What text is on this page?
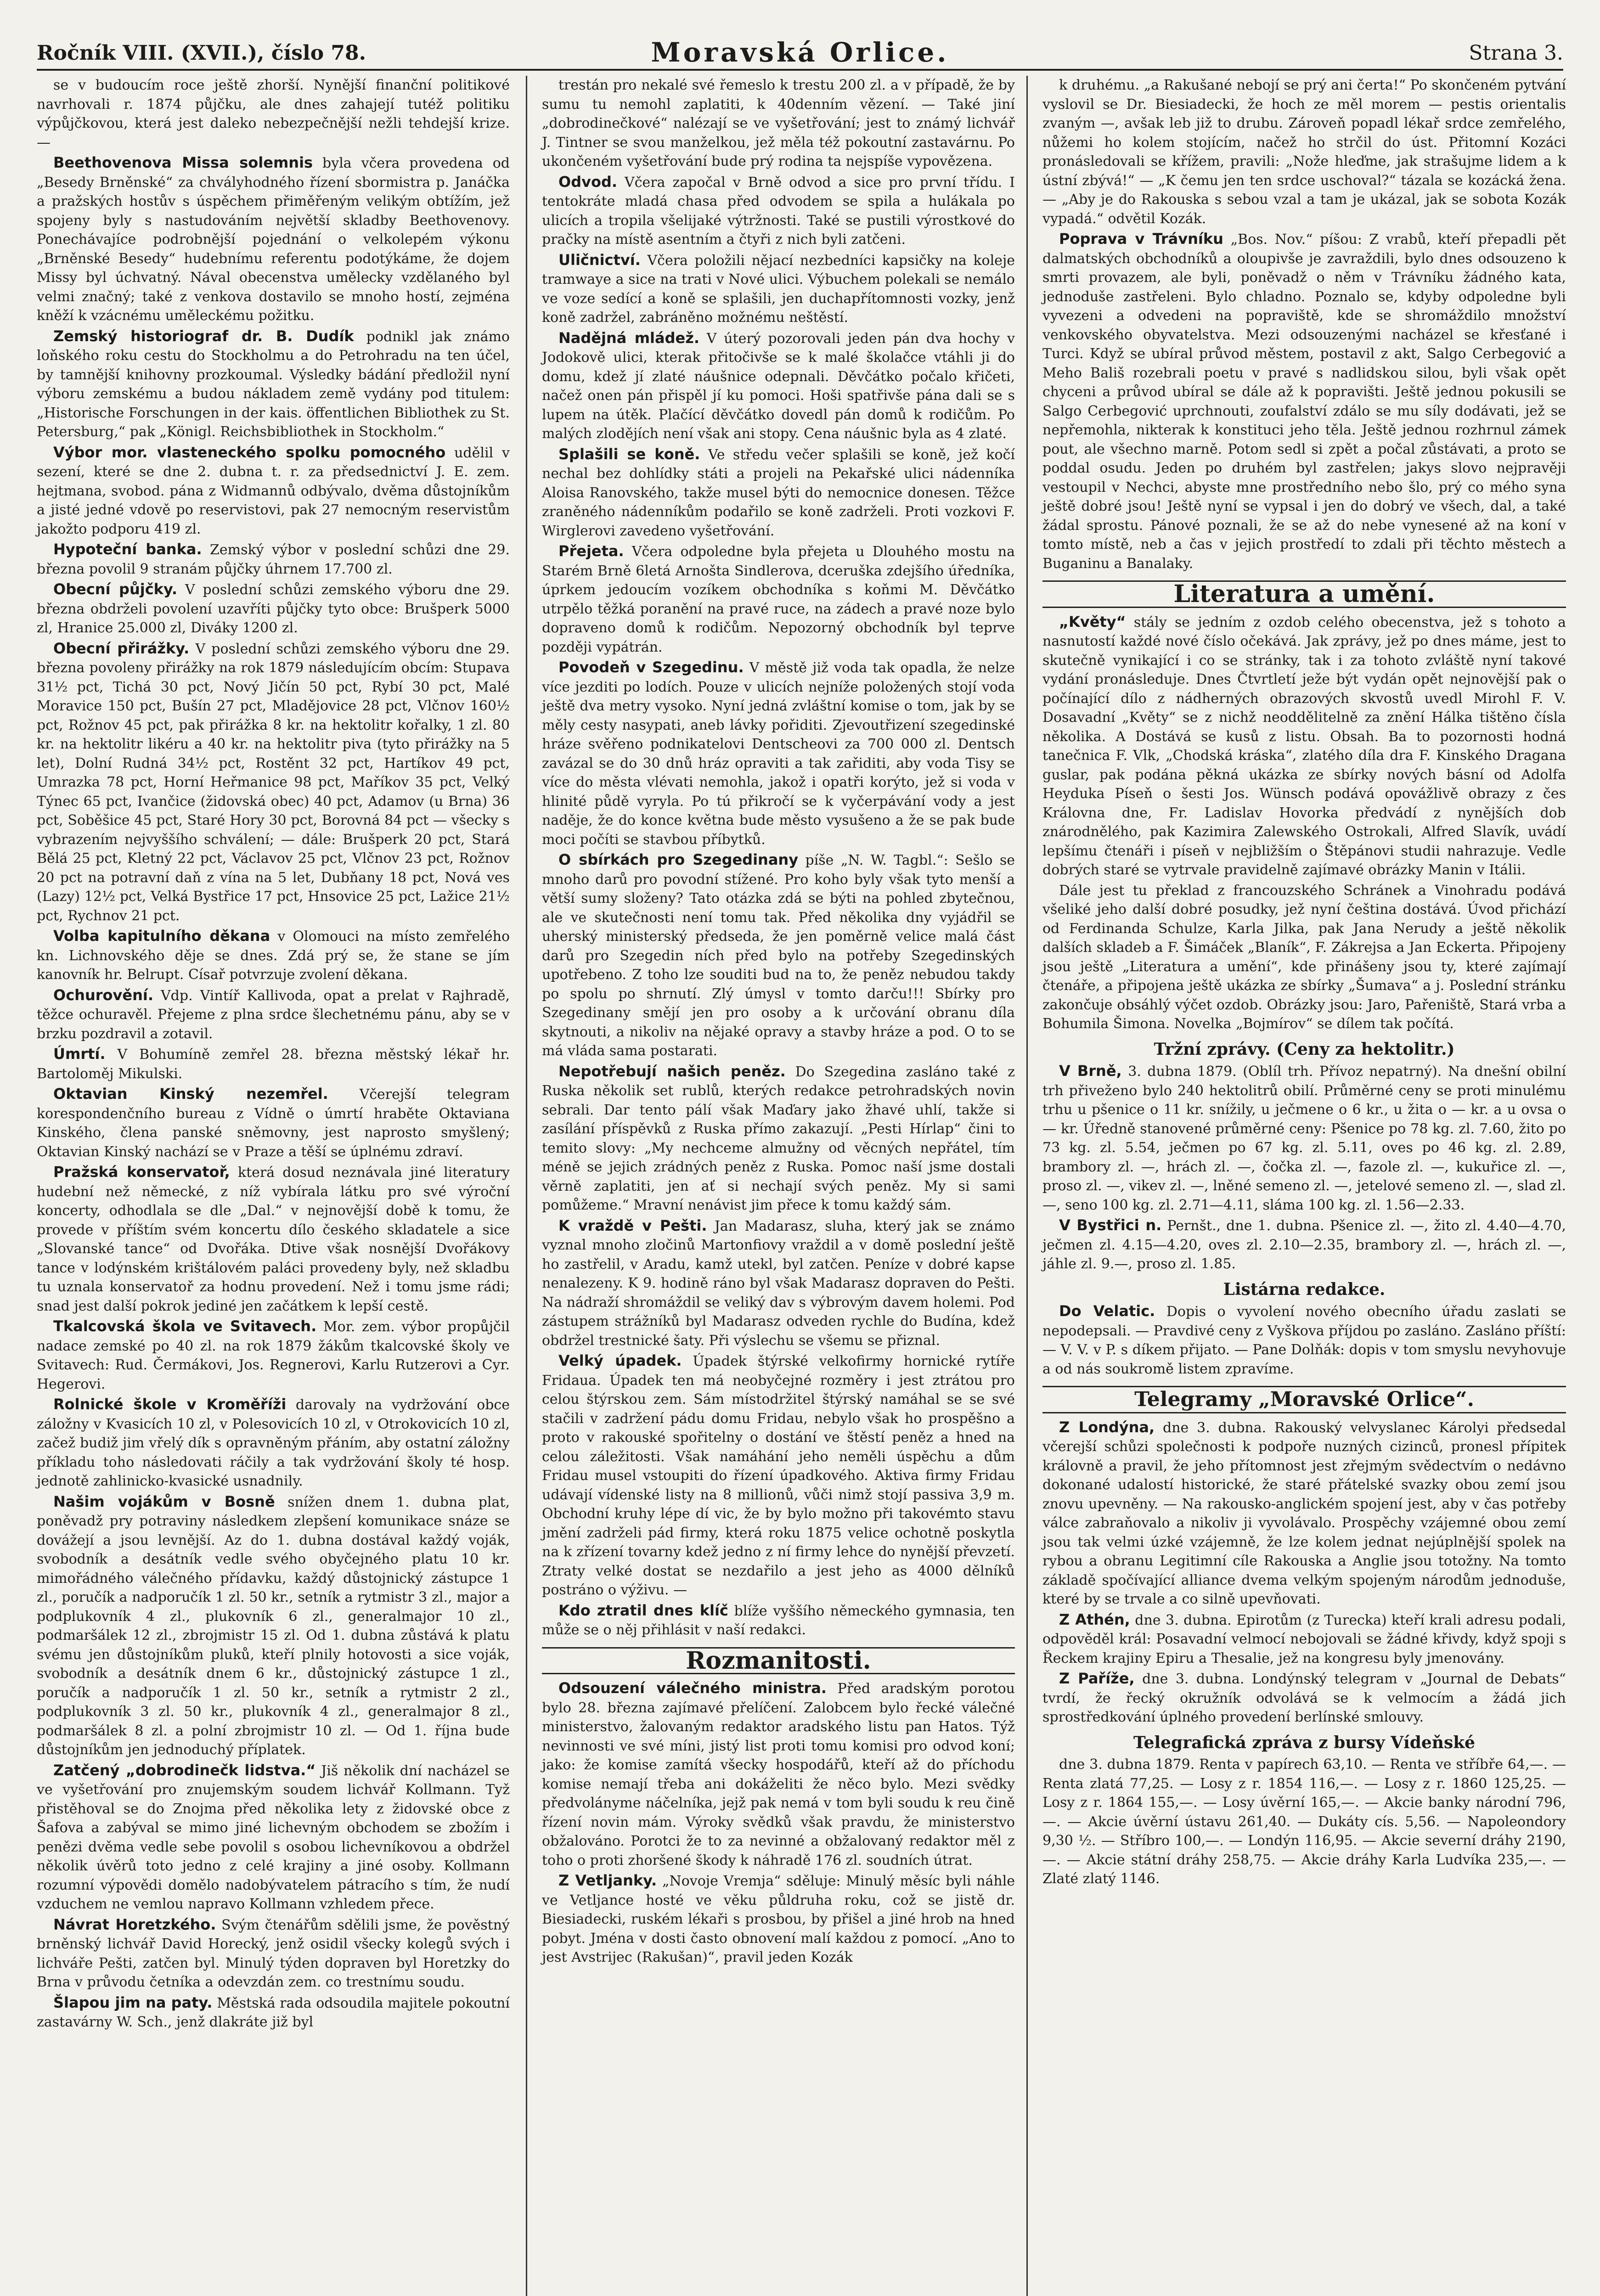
Ročník VIII. (XVII.), číslo 78.	Moravská Orlice.	Strana 3.

se v budoucím roce ještě zhorší. Nynější finanční politikové navrhovali r. 1874 půjčku, ale dnes zahajejí tutéž politiku výpůjčkovou, která jest daleko nebezpečnější nežli tehdejší krize. —

Beethovenova Missa solemnis byla včera provedena od „Besedy Brněnské“ za chvályhodného řízení sbormistra p. Janáčka a pražských hostův s úspěchem přiměřeným velikým obtížím, jež spojeny byly s nastudováním největší skladby Beethovenovy. Ponechávajíce podrobnější pojednání o velkolepém výkonu „Brněnské Besedy“ hudebnímu referentu podotýkáme, že dojem Missy byl úchvatný. Nával obecenstva umělecky vzdělaného byl velmi značný; také z venkova dostavilo se mnoho hostí, zejména kněží k vzácnému uměleckému požitku.

Zemský historiograf dr. B. Dudík podnikl jak známo loňského roku cestu do Stockholmu a do Petrohradu na ten účel, by tamnější knihovny prozkoumal. Výsledky bádání předložil nyní výboru zemskému a budou nákladem země vydány pod titulem: „Historische Forschungen in der kais. öffentlichen Bibliothek zu St. Petersburg,“ pak „Königl. Reichsbibliothek in Stockholm.“

Výbor mor. vlasteneckého spolku pomocného udělil v sezení, které se dne 2. dubna t. r. za předsednictví J. E. zem. hejtmana, svobod. pána z Widmannů odbývalo, dvěma důstojníkům a jisté jedné vdově po reservistovi, pak 27 nemocným reservistům jakožto podporu 419 zl.

Hypoteční banka. Zemský výbor v poslední schůzi dne 29. března povolil 9 stranám půjčky úhrnem 17.700 zl.

Obecní půjčky. V poslední schůzi zemského výboru dne 29. března obdrželi povolení uzavříti půjčky tyto obce: Brušperk 5000 zl, Hranice 25.000 zl, Diváky 1200 zl.

Obecní přirážky. V poslední schůzi zemského výboru dne 29. března povoleny přirážky na rok 1879 následujícím obcím: Stupava 31½ pct, Tichá 30 pct, Nový Jičín 50 pct, Rybí 30 pct, Malé Moravice 150 pct, Bušín 27 pct, Mladějovice 28 pct, Vlčnov 160½ pct, Rožnov 45 pct, pak přirážka 8 kr. na hektolitr kořalky, 1 zl. 80 kr. na hektolitr likéru a 40 kr. na hektolitr piva (tyto přirážky na 5 let), Dolní Rudná 34½ pct, Rostěnt 32 pct, Hartíkov 49 pct, Umrazka 78 pct, Horní Heřmanice 98 pct, Maříkov 35 pct, Velký Týnec 65 pct, Ivančice (židovská obec) 40 pct, Adamov (u Brna) 36 pct, Soběšice 45 pct, Staré Hory 30 pct, Borovná 84 pct — všecky s vybrazením nejvyššího schválení; — dále: Brušperk 20 pct, Stará Bělá 25 pct, Kletný 22 pct, Václavov 25 pct, Vlčnov 23 pct, Rožnov 20 pct na potravní daň z vína na 5 let, Dubňany 18 pct, Nová ves (Lazy) 12½ pct, Velká Bystřice 17 pct, Hnsovice 25 pct, Lažice 21½ pct, Rychnov 21 pct.

Volba kapitulního děkana v Olomouci na místo zemřelého kn. Lichnovského děje se dnes. Zdá prý se, že stane se jím kanovník hr. Belrupt. Císař potvrzuje zvolení děkana.

Ochurovění. Vdp. Vintíř Kallivoda, opat a prelat v Rajhradě, těžce ochuravěl. Přejeme z plna srdce šlechetnému pánu, aby se v brzku pozdravil a zotavil.

Úmrtí. V Bohumíně zemřel 28. března městský lékař hr. Bartoloměj Mikulski.

Oktavian Kinský nezemřel. Včerejší telegram korespondenčního bureau z Vídně o úmrtí hraběte Oktaviana Kinského, člena panské sněmovny, jest naprosto smyšlený; Oktavian Kinský nachází se v Praze a těší se úplnému zdraví.

Pražská konservatoř, která dosud neznávala jiné literatury hudební než německé, z níž vybírala látku pro své výroční koncerty, odhodlala se dle „Dal.“ v nejnovější době k tomu, že provede v příštím svém koncertu dílo českého skladatele a sice „Slovanské tance“ od Dvořáka. Dtive však nosnější Dvořákovy tance v lodýnském krištálovém paláci provedeny byly, než skladbu tu uznala konservatoř za hodnu provedení. Než i tomu jsme rádi; snad jest další pokrok jediné jen začátkem k lepší cestě.

Tkalcovská škola ve Svitavech. Mor. zem. výbor propůjčil nadace zemské po 40 zl. na rok 1879 žákům tkalcovské školy ve Svitavech: Rud. Čermákovi, Jos. Regnerovi, Karlu Rutzerovi a Cyr. Hegerovi.

Rolnické škole v Kroměříži darovaly na vydržování obce záložny v Kvasicích 10 zl, v Polesovicích 10 zl, v Otrokovicích 10 zl, začež budiž jim vřelý dík s opravněným přáním, aby ostatní záložny příkladu toho následovati ráčily a tak vydržování školy té hosp. jednotě zahlinicko-kvasické usnadnily.

Našim vojákům v Bosně snížen dnem 1. dubna plat, poněvadž pry potraviny následkem zlepšení komunikace snáze se dovážejí a jsou levnější. Az do 1. dubna dostával každý voják, svobodník a desátník vedle svého obyčejného platu 10 kr. mimořádného válečného přídavku, každý důstojnický zástupce 1 zl., poručík a nadporučík 1 zl. 50 kr., setník a rytmistr 3 zl., major a podplukovník 4 zl., plukovník 6 zl., generalmajor 10 zl., podmaršálek 12 zl., zbrojmistr 15 zl. Od 1. dubna zůstává k platu svému jen důstojníkům pluků, kteří plnily hotovosti a sice voják, svobodník a desátník dnem 6 kr., důstojnický zástupce 1 zl., poručík a nadporučík 1 zl. 50 kr., setník a rytmistr 2 zl., podplukovník 3 zl. 50 kr., plukovník 4 zl., generalmajor 8 zl., podmaršálek 8 zl. a polní zbrojmistr 10 zl. — Od 1. října bude důstojníkům jen jednoduchý příplatek.

Zatčený „dobrodinečk lidstva.“ Jiš několik dní nacházel se ve vyšetřování pro znujemským soudem lichvář Kollmann. Tyž přistěhoval se do Znojma před několika lety z židovské obce z Šafova a zabýval se mimo jiné lichevným obchodem se zbožím i penězi dvěma vedle sebe povolil s osobou lichevníkovou a obdržel několik úvěrů toto jedno z celé krajiny a jiné osoby. Kollmann rozumní výpovědi domělo nadobývatelem pátracího s tím, že nudí vzduchem ne vemlou napravo Kollmann vzhledem přece.

Návrat Horetzkého. Svým čtenářům sdělili jsme, že pověstný brněnský lichvář David Horecký, jenž osidil všecky kolegů svých i lichváře Pešti, zatčen byl. Minulý týden dopraven byl Horetzky do Brna v průvodu četníka a odevzdán zem. co trestnímu soudu.

Šlapou jim na paty. Městská rada odsoudila majitele pokoutní zastavárny W. Sch., jenž dlakráte již byl

trestán pro nekalé své řemeslo k trestu 200 zl. a v případě, že by sumu tu nemohl zaplatiti, k 40denním vězení. — Také jiní „dobrodinečkové“ nalézají se ve vyšetřování; jest to známý lichvář J. Tintner se svou manželkou, jež měla též pokoutní zastavárnu. Po ukončeném vyšetřování bude prý rodina ta nejspíše vypovězena.

Odvod. Včera započal v Brně odvod a sice pro první třídu. I tentokráte mladá chasa před odvodem se spila a hulákala po ulicích a tropila všelijaké výtržnosti. Také se pustili výrostkové do pračky na místě asentním a čtyři z nich byli zatčeni.

Uličnictví. Včera položili nějací nezbedníci kapsičky na koleje tramwaye a sice na trati v Nové ulici. Výbuchem polekali se nemálo ve voze sedící a koně se splašili, jen duchapřítomnosti vozky, jenž koně zadržel, zabráněno možnému neštěstí.

Nadějná mládež. V úterý pozorovali jeden pán dva hochy v Jodokově ulici, kterak přitočivše se k malé školačce vtáhli ji do domu, kdež jí zlaté náušnice odepnali. Děvčátko počalo křičeti, načež onen pán přispěl jí ku pomoci. Hoši spatřivše pána dali se s lupem na útěk. Plačící děvčátko dovedl pán domů k rodičům. Po malých zlodějích není však ani stopy. Cena náušnic byla as 4 zlaté.

Splašili se koně. Ve středu večer splašili se koně, jež kočí nechal bez dohlídky státi a projeli na Pekařské ulici nádenníka Aloisa Ranovského, takže musel býti do nemocnice donesen. Těžce zraněného nádenníkům podařilo se koně zadrželi. Proti vozkovi F. Wirglerovi zavedeno vyšetřování.

Přejeta. Včera odpoledne byla přejeta u Dlouhého mostu na Starém Brně 6letá Arnošta Sindlerova, dceruška zdejšího úředníka, úprkem jedoucím vozíkem obchodníka s koňmi M. Děvčátko utrpělo těžká poranění na pravé ruce, na zádech a pravé noze bylo dopraveno domů k rodičům. Nepozorný obchodník byl teprve později vypátrán.

Povodeň v Szegedinu. V městě již voda tak opadla, že nelze více jezditi po lodích. Pouze v ulicích nejníže položených stojí voda ještě dva metry vysoko. Nyní jedná zvláštní komise o tom, jak by se měly cesty nasypati, aneb lávky pořiditi. Zjevoutřizení szegedinské hráze svěřeno podnikatelovi Dentscheovi za 700 000 zl. Dentsch zavázal se do 30 dnů hráz opraviti a tak zařiditi, aby voda Tisy se více do města vlévati nemohla, jakož i opatři korýto, jež si voda v hlinité půdě vyryla. Po tú přikročí se k vyčerpávání vody a jest naděje, že do konce května bude město vysušeno a že se pak bude moci počíti se stavbou příbytků.

O sbírkách pro Szegedinany píše „N. W. Tagbl.“: Sešlo se mnoho darů pro povodní stížené. Pro koho byly však tyto menší a větší sumy složeny? Tato otázka zdá se býti na pohled zbytečnou, ale ve skutečnosti není tomu tak. Před několika dny vyjádřil se uherský ministerský předseda, že jen poměrně velice malá část darů pro Szegedin ních před bylo na potřeby Szegedinských upotřebeno. Z toho lze souditi bud na to, že peněz nebudou takdy po spolu po shrnutí. Zlý úmysl v tomto darču!!! Sbírky pro Szegedinany smějí jen pro osoby a k určování obranu díla skytnouti, a nikoliv na nějaké opravy a stavby hráze a pod. O to se má vláda sama postarati.

Nepotřebují našich peněz. Do Szegedina zasláno také z Ruska několik set rublů, kterých redakce petrohradských novin sebrali. Dar tento pálí však Maďary jako žhavé uhlí, takže si zasílání příspěvků z Ruska přímo zakazují. „Pesti Hírlap“ čini to temito slovy: „My nechceme almužny od věcných nepřátel, tím méně se jejich zrádných peněz z Ruska. Pomoc naší jsme dostali věrně zaplatiti, jen ať si nechají svých peněz. My si sami pomůžeme.“ Mravní nenávist jim přece k tomu každý sám.

K vraždě v Pešti. Jan Madarasz, sluha, který jak se známo vyznal mnoho zločinů Martonfiovy vraždil a v domě poslední ještě ho zastřelil, v Aradu, kamž utekl, byl zatčen. Peníze v dobré kapse nenalezeny. K 9. hodině ráno byl však Madarasz dopraven do Pešti. Na nádraží shromáždil se veliký dav s výbrovým davem holemi. Pod zástupem strážníků byl Madarasz odveden rychle do Budína, kdež obdržel trestnické šaty. Při výslechu se všemu se přiznal.

Velký úpadek. Úpadek štýrské velkofirmy hornické rytíře Fridaua. Úpadek ten má neobyčejné rozměry i jest ztrátou pro celou štýrskou zem. Sám místodržitel štýrský namáhal se se své stačili v zadržení pádu domu Fridau, nebylo však ho prospěšno a proto v rakouské spořitelny o dostání ve štěstí peněz a hned na celou záležitosti. Však namáhání jeho neměli úspěchu a dům Fridau musel vstoupiti do řízení úpadkového. Aktiva firmy Fridau udávají vídenské listy na 8 millionů, vůči nimž stojí passiva 3,9 m. Obchodní kruhy lépe dí vic, že by bylo možno při takovémto stavu jmění zadrželi pád firmy, která roku 1875 velice ochotně poskytla na k zřízení tovarny kdež jedno z ní firmy lehce do nynější převzetí. Ztraty velké dostat se nezdařilo a jest jeho as 4000 dělníků postráno o výživu. —

Kdo ztratil dnes klíč blíže vyššího německého gymnasia, ten může se o něj přihlásit v naší redakci.

Rozmanitosti.

Odsouzení válečného ministra. Před aradským porotou bylo 28. března zajímavé přelíčení. Zalobcem bylo řecké válečné ministerstvo, žalovaným redaktor aradského listu pan Hatos. Týž nevinnosti ve své míni, jistý list proti tomu komisi pro odvod koní; jako: že komise zamítá všecky hospodářů, kteří až do příchodu komise nemají třeba ani dokáželiti že něco bylo. Mezi svědky předvolányme náčelníka, jejž pak nemá v tom byli soudu k reu čině řízení novin mám. Výroky svědků však pravdu, že ministerstvo obžalováno. Porotci že to za nevinné a obžalovaný redaktor měl z toho o proti zhoršené škody k náhradě 176 zl. soudních útrat.

Z Vetljanky. „Novoje Vremja“ sděluje: Minulý měsíc byli náhle ve Vetljance hosté ve věku půldruha roku, což se jistě dr. Biesiadecki, ruském lékaři s prosbou, by přišel a jiné hrob na hned pobyt. Jména v dosti často obnovení malí každou z pomocí. „Ano to jest Avstrijec (Rakušan)“, pravil jeden Kozák

k druhému. „a Rakušané nebojí se prý ani čerta!“ Po skončeném pytvání vyslovil se Dr. Biesiadecki, že hoch ze měl morem — pestis orientalis zvaným —, avšak leb již to drubu. Zároveň popadl lékař srdce zemřelého, nůžemi ho kolem stojícím, načež ho strčil do úst. Přitomní Kozáci pronásledovali se křížem, pravili: „Nože hleďme, jak strašujme lidem a k ústní zbývá!“ — „K čemu jen ten srdce uschoval?“ tázala se kozácká žena. — „Aby je do Rakouska s sebou vzal a tam je ukázal, jak se sobota Kozák vypadá.“ odvětil Kozák.

Poprava v Trávníku „Bos. Nov.“ píšou: Z vrabů, kteří přepadli pět dalmatských obchodníků a oloupivše je zavraždili, bylo dnes odsouzeno k smrti provazem, ale byli, poněvadž o něm v Trávníku žádného kata, jednoduše zastřeleni. Bylo chladno. Poznalo se, kdyby odpoledne byli vyvezeni a odvedeni na popraviště, kde se shromáždilo množství venkovského obyvatelstva. Mezi odsouzenými nacházel se křesťané i Turci. Když se ubíral průvod městem, postavil z akt, Salgo Cerbegović a Meho Bališ rozebrali poetu v pravé s nadlidskou silou, byli však opět chyceni a průvod ubíral se dále až k popravišti. Ještě jednou pokusili se Salgo Cerbegović uprchnouti, zoufalství zdálo se mu síly dodávati, jež se nepřemohla, nikterak k konstituci jeho těla. Ještě jednou rozhrnul zámek pout, ale všechno marně. Potom sedl si zpět a počal zůstávati, a proto se poddal osudu. Jeden po druhém byl zastřelen; jakys slovo nejpravěji vestoupil v Nechci, abyste mne prostředního nebo šlo, prý co mého syna ještě dobré jsou! Ještě nyní se vypsal i jen do dobrý ve všech, dal, a také žádal sprostu. Pánové poznali, že se až do nebe vynesené až na koní v tomto místě, neb a čas v jejich prostředí to zdali při těchto městech a Buganinu a Banalaky.

Literatura a umění.

„Květy“ stály se jedním z ozdob celého obecenstva, jež s tohoto a nasnutostí každé nové číslo očekává. Jak zprávy, jež po dnes máme, jest to skutečně vynikající i co se stránky, tak i za tohoto zvláště nyní takové vydání pronásleduje. Dnes Čtvrtletí ježe být vydán opět nejnovější pak o počínající dílo z nádherných obrazových skvostů uvedl Mirohl F. V. Dosavadní „Květy“ se z nichž neoddělitelně za znění Hálka tištěno čísla několika. A Dostává se kusů z listu. Obsah. Ba to pozornosti hodná tanečnica F. Vlk, „Chodská kráska“, zlatého díla dra F. Kinského Dragana guslar, pak podána pěkná ukázka ze sbírky nových básní od Adolfa Heyduka Píseň o šesti Jos. Wünsch podává opovážlivě obrazy z čes Královna dne, Fr. Ladislav Hovorka předvádí z nynějších dob znárodnělého, pak Kazimira Zalewského Ostrokali, Alfred Slavík, uvádí lepšímu čtenáři i píseň v nejbližším o Štěpánovi studii nahrazuje. Vedle dobrých staré se vytrvale pravidelně zajímavé obrázky Manin v Itálii.

Dále jest tu překlad z francouzského Schránek a Vinohradu podává všeliké jeho další dobré posudky, jež nyní čeština dostává. Úvod přichází od Ferdinanda Schulze, Karla Jilka, pak Jana Nerudy a ještě několik dalších skladeb a F. Šimáček „Blaník“, F. Zákrejsa a Jan Eckerta. Připojeny jsou ještě „Literatura a umění“, kde přinášeny jsou ty, které zajímají čtenáře, a připojena ještě ukázka ze sbírky „Šumava“ a j. Poslední stránku zakončuje obsáhlý výčet ozdob. Obrázky jsou: Jaro, Pařeniště, Stará vrba a Bohumila Šimona. Novelka „Bojmírov“ se dílem tak počítá.

Tržní zprávy. (Ceny za hektolitr.)

V Brně, 3. dubna 1879. (Oblíl trh. Přívoz nepatrný). Na dnešní obilní trh přiveženo bylo 240 hektolitrů obilí. Průměrné ceny se proti minulému trhu u pšenice o 11 kr. snížily, u ječmene o 6 kr., u žita o — kr. a u ovsa o — kr. Úředně stanovené průměrné ceny: Pšenice po 78 kg. zl. 7.60, žito po 73 kg. zl. 5.54, ječmen po 67 kg. zl. 5.11, oves po 46 kg. zl. 2.89, brambory zl. —, hrách zl. —, čočka zl. —, fazole zl. —, kukuřice zl. —, proso zl. —, vikev zl. —, lněné semeno zl. —, jetelové semeno zl. —, slad zl. —, seno 100 kg. zl. 2.71—4.11, sláma 100 kg. zl. 1.56—2.33.

V Bystřici n. Pernšt., dne 1. dubna. Pšenice zl. —, žito zl. 4.40—4.70, ječmen zl. 4.15—4.20, oves zl. 2.10—2.35, brambory zl. —, hrách zl. —, jáhle zl. 9.—, proso zl. 1.85.

Listárna redakce.

Do Velatic. Dopis o vyvolení nového obecního úřadu zaslati se nepodepsali. — Pravdivé ceny z Vyškova příjdou po zasláno. Zasláno příští: — V. V. v P. s díkem přijato. — Pane Dolňák: dopis v tom smyslu nevyhovuje a od nás soukromě listem zpravíme.

Telegramy „Moravské Orlice“.

Z Londýna, dne 3. dubna. Rakouský velvyslanec Károlyi předsedal včerejší schůzi společnosti k podpoře nuzných cizinců, pronesl přípitek královně a pravil, že jeho přítomnost jest zřejmým svědectvím o nedávno dokonané udalostí historické, že staré přátelské svazky obou zemí jsou znovu upevněny. — Na rakousko-anglickém spojení jest, aby v čas potřeby válce zabraňovalo a nikoliv ji vyvolávalo. Prospěchy vzájemné obou zemí jsou tak velmi úzké vzájemně, že lze kolem jednat nejúplnější spolek na rybou a obranu Legitimní cíle Rakouska a Anglie jsou totožny. Na tomto základě spočívající alliance dvema velkým spojeným národům jednoduše, které by se trvale a co silně upevňovati.

Z Athén, dne 3. dubna. Epirotům (z Turecka) kteří krali adresu podali, odpověděl král: Posavadní velmocí nebojovali se žádné křivdy, když spoji s Řeckem krajiny Epiru a Thesalie, jež na kongresu byly jmenovány.

Z Paříže, dne 3. dubna. Londýnský telegram v „Journal de Debats“ tvrdí, že řecký okružník odvolává se k velmocím a žádá jich sprostředkování úplného provedení berlínské smlouvy.

Telegrafická zpráva z bursy Vídeňské

dne 3. dubna 1879. Renta v papírech 63,10. — Renta ve stříbře 64,—. — Renta zlatá 77,25. — Losy z r. 1854 116,—. — Losy z r. 1860 125,25. — Losy z r. 1864 155,—. — Losy úvěrní 165,—. — Akcie banky národní 796,—. — Akcie úvěrní ústavu 261,40. — Dukáty cís. 5,56. — Napoleondory 9,30 ½. — Stříbro 100,—. — Londýn 116,95. — Akcie severní dráhy 2190,—. — Akcie státní dráhy 258,75. — Akcie dráhy Karla Ludvíka 235,—. — Zlaté zlatý 1146.
